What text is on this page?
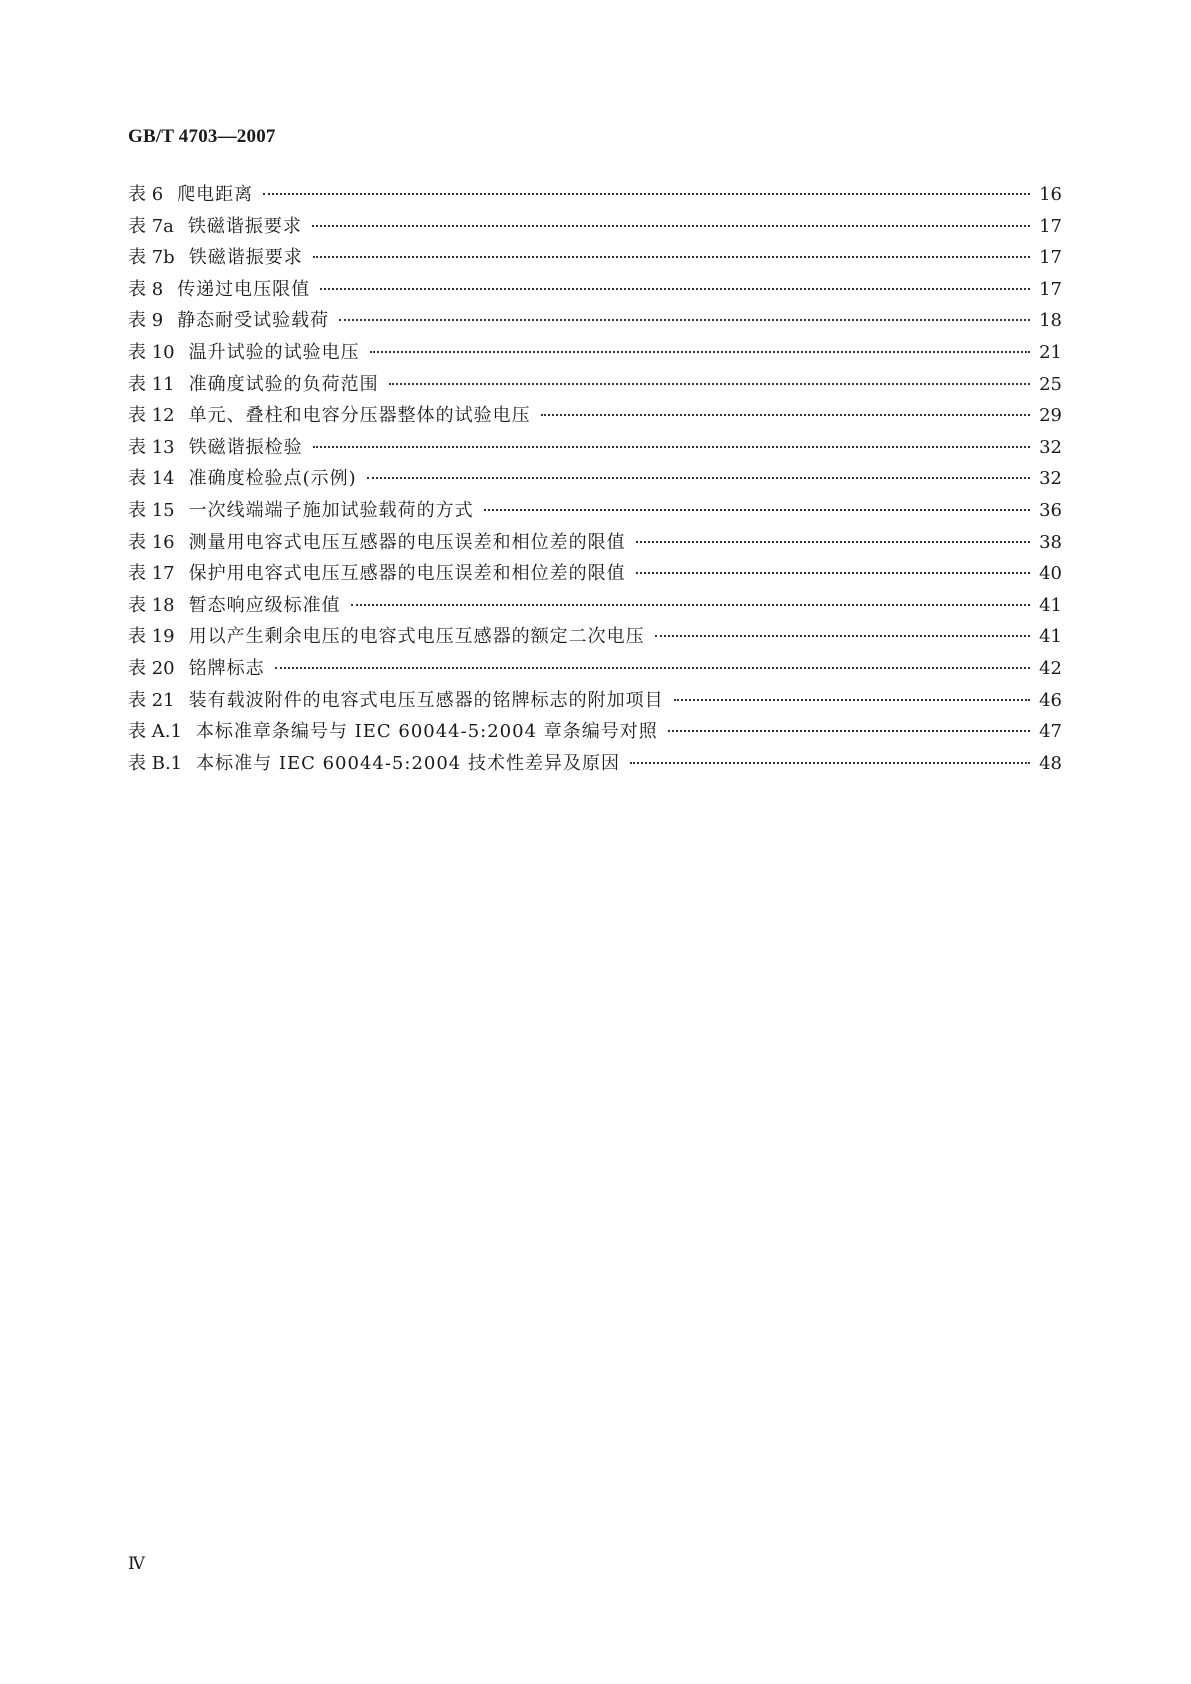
GB/T 4703—2007
表 6 爬电距离	16
表 7a 铁磁谐振要求	17
表 7b 铁磁谐振要求	17
表 8 传递过电压限值	17
表 9 静态耐受试验载荷	18
表 10 温升试验的试验电压	21
表 11 准确度试验的负荷范围	25
表 12 单元、叠柱和电容分压器整体的试验电压	29
表 13 铁磁谐振检验	32
表 14 准确度检验点(示例)	32
表 15 一次线端端子施加试验载荷的方式	36
表 16 测量用电容式电压互感器的电压误差和相位差的限值	38
表 17 保护用电容式电压互感器的电压误差和相位差的限值	40
表 18 暂态响应级标准值	41
表 19 用以产生剩余电压的电容式电压互感器的额定二次电压	41
表 20 铭牌标志	42
表 21 装有载波附件的电容式电压互感器的铭牌标志的附加项目	46
表 A.1 本标准章条编号与 IEC 60044-5:2004 章条编号对照	47
表 B.1 本标准与 IEC 60044-5:2004 技术性差异及原因	48
Ⅳ
